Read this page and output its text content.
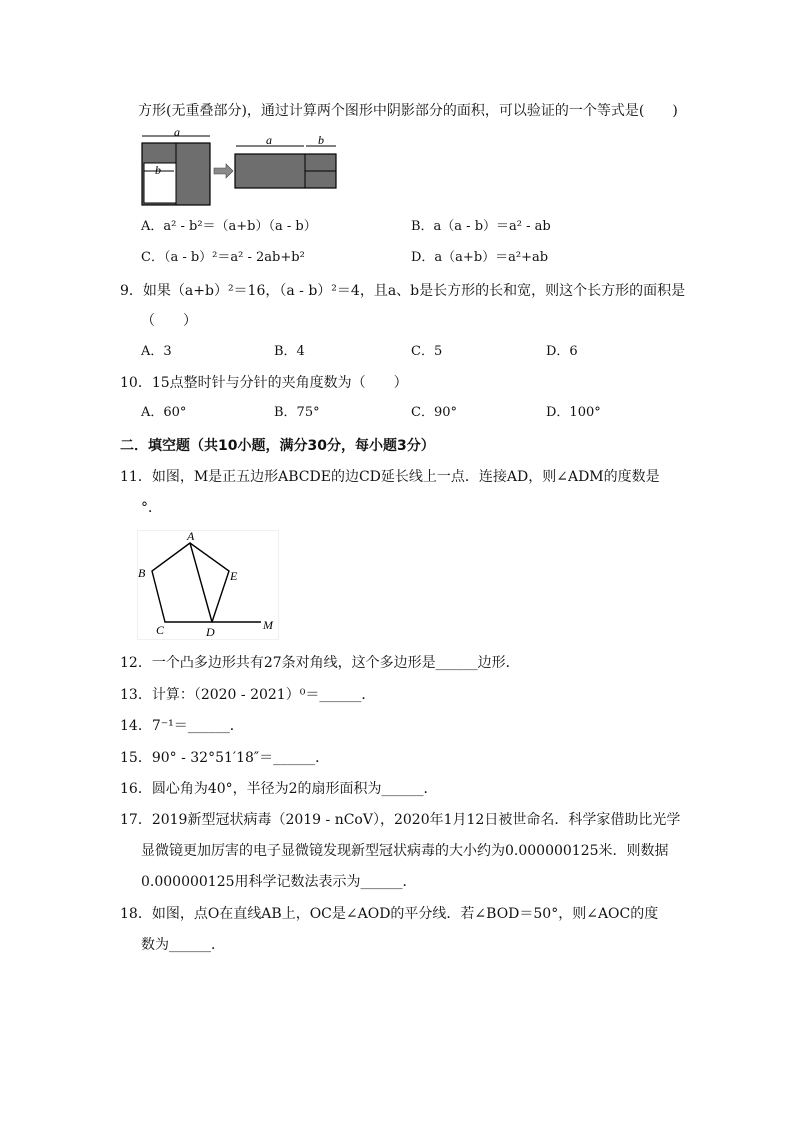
方形(无重叠部分)，通过计算两个图形中阴影部分的面积，可以验证的一个等式是(　　)
a
b
a	b
A．a² - b²＝（a+b）（a - b）	B．a（a - b）＝a² - ab
C．（a - b）²＝a² - 2ab+b²	D．a（a+b）＝a²+ab
9．如果（a+b）²＝16，（a - b）²＝4，且a、b是长方形的长和宽，则这个长方形的面积是
（　　）
A．3	B．4	C．5	D．6
10．15点整时针与分针的夹角度数为（　　）
A．60°	B．75°	C．90°	D．100°
二．填空题（共10小题，满分30分，每小题3分）
11．如图，M是正五边形ABCDE的边CD延长线上一点．连接AD，则∠ADM的度数是
°．
A
B
C	D
E
M
12．一个凸多边形共有27条对角线，这个多边形是______边形．
13．计算：（2020 - 2021）⁰＝______．
14．7⁻¹＝______．
15．90° - 32°51′18″＝______．
16．圆心角为40°，半径为2的扇形面积为______．
17．2019新型冠状病毒（2019 - nCoV），2020年1月12日被世命名．科学家借助比光学
显微镜更加厉害的电子显微镜发现新型冠状病毒的大小约为0.000000125米．则数据
0.000000125用科学记数法表示为______．
18．如图，点O在直线AB上，OC是∠AOD的平分线．若∠BOD＝50°，则∠AOC的度
数为______．
